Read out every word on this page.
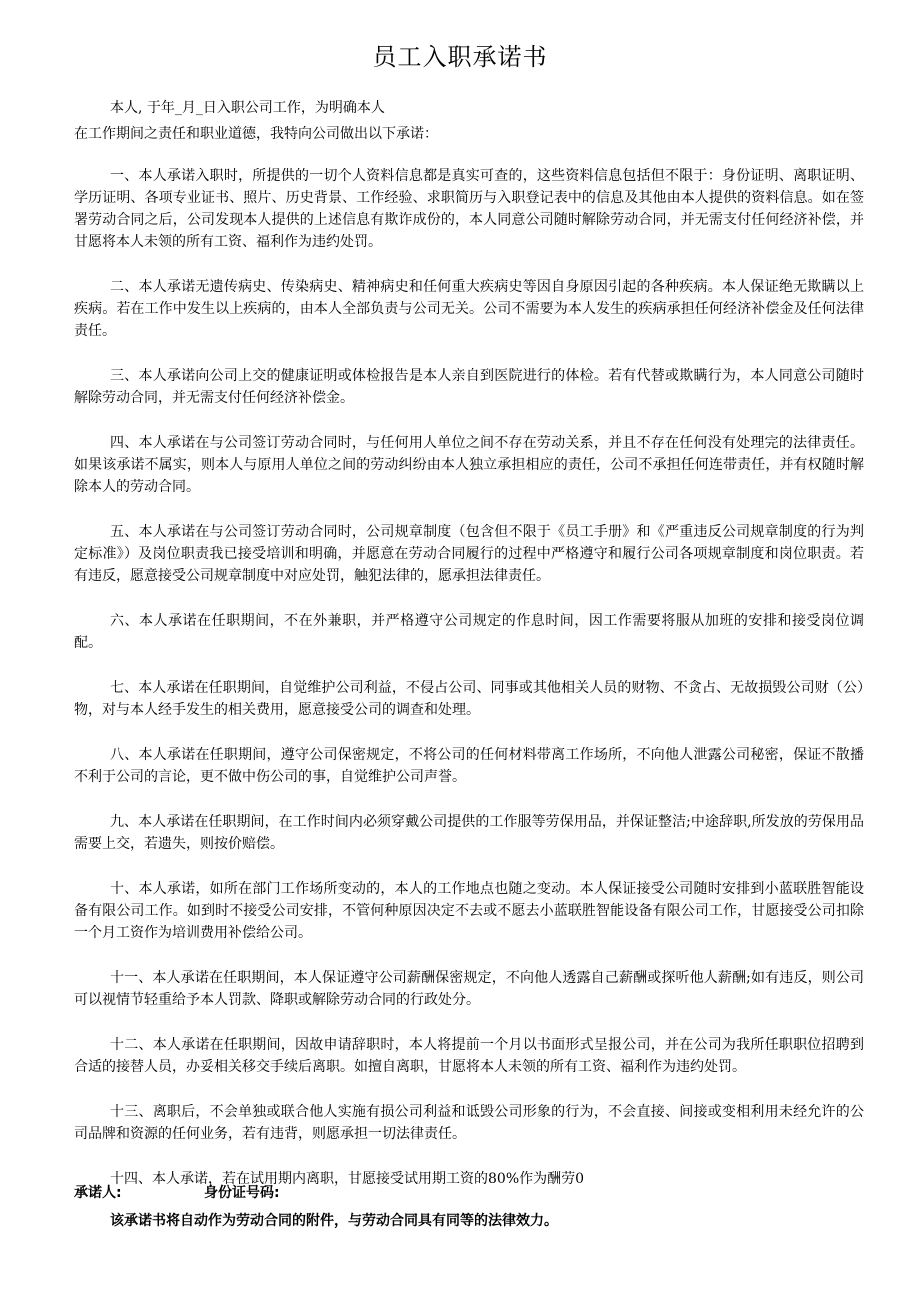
员工入职承诺书
本人, 于年_月_日入职公司工作，为明确本人
在工作期间之责任和职业道德，我特向公司做出以下承诺：

一、本人承诺入职时，所提供的一切个人资料信息都是真实可查的，这些资料信息包括但不限于：身份证明、离职证明、学历证明、各项专业证书、照片、历史背景、工作经验、求职简历与入职登记表中的信息及其他由本人提供的资料信息。如在签署劳动合同之后，公司发现本人提供的上述信息有欺诈成份的，本人同意公司随时解除劳动合同，并无需支付任何经济补偿，并甘愿将本人未领的所有工资、福利作为违约处罚。

二、本人承诺无遗传病史、传染病史、精神病史和任何重大疾病史等因自身原因引起的各种疾病。本人保证绝无欺瞒以上疾病。若在工作中发生以上疾病的，由本人全部负责与公司无关。公司不需要为本人发生的疾病承担任何经济补偿金及任何法律责任。

三、本人承诺向公司上交的健康证明或体检报告是本人亲自到医院进行的体检。若有代替或欺瞒行为，本人同意公司随时解除劳动合同，并无需支付任何经济补偿金。

四、本人承诺在与公司签订劳动合同时，与任何用人单位之间不存在劳动关系，并且不存在任何没有处理完的法律责任。如果该承诺不属实，则本人与原用人单位之间的劳动纠纷由本人独立承担相应的责任，公司不承担任何连带责任，并有权随时解除本人的劳动合同。

五、本人承诺在与公司签订劳动合同时，公司规章制度（包含但不限于《员工手册》和《严重违反公司规章制度的行为判定标准》）及岗位职责我已接受培训和明确，并愿意在劳动合同履行的过程中严格遵守和履行公司各项规章制度和岗位职责。若有违反，愿意接受公司规章制度中对应处罚，触犯法律的，愿承担法律责任。

六、本人承诺在任职期间，不在外兼职，并严格遵守公司规定的作息时间，因工作需要将服从加班的安排和接受岗位调配。

七、本人承诺在任职期间，自觉维护公司利益，不侵占公司、同事或其他相关人员的财物、不贪占、无故损毁公司财（公）物，对与本人经手发生的相关费用，愿意接受公司的调查和处理。

八、本人承诺在任职期间，遵守公司保密规定，不将公司的任何材料带离工作场所，不向他人泄露公司秘密，保证不散播不利于公司的言论，更不做中伤公司的事，自觉维护公司声誉。

九、本人承诺在任职期间，在工作时间内必须穿戴公司提供的工作服等劳保用品，并保证整洁;中途辞职,所发放的劳保用品需要上交，若遗失，则按价赔偿。

十、本人承诺，如所在部门工作场所变动的，本人的工作地点也随之变动。本人保证接受公司随时安排到小蓝联胜智能设备有限公司工作。如到时不接受公司安排，不管何种原因决定不去或不愿去小蓝联胜智能设备有限公司工作，甘愿接受公司扣除一个月工资作为培训费用补偿给公司。

十一、本人承诺在任职期间，本人保证遵守公司薪酬保密规定，不向他人透露自己薪酬或探听他人薪酬;如有违反，则公司可以视情节轻重给予本人罚款、降职或解除劳动合同的行政处分。

十二、本人承诺在任职期间，因故申请辞职时，本人将提前一个月以书面形式呈报公司，并在公司为我所任职职位招聘到合适的接替人员，办妥相关移交手续后离职。如擅自离职，甘愿将本人未领的所有工资、福利作为违约处罚。

十三、离职后，不会单独或联合他人实施有损公司利益和诋毁公司形象的行为，不会直接、间接或变相利用未经允许的公司品牌和资源的任何业务，若有违背，则愿承担一切法律责任。

十四、本人承诺，若在试用期内离职，甘愿接受试用期工资的80%作为酬劳0

该承诺书将自动作为劳动合同的附件，与劳动合同具有同等的法律效力。
承诺人:	身份证号码:
